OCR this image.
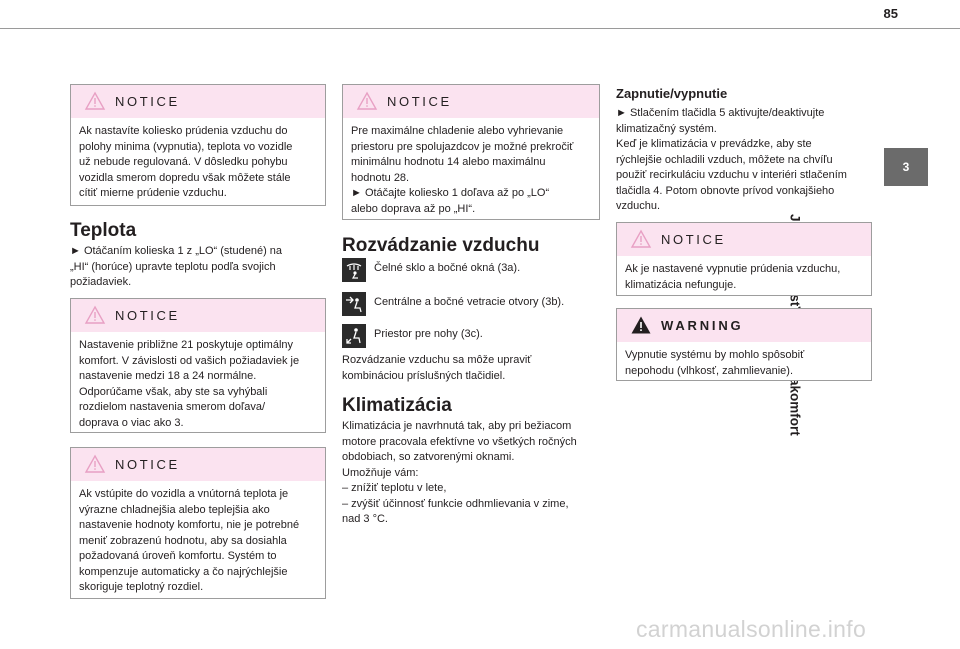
85
3
NOTICE
Ak nastavíte koliesko prúdenia vzduchu do
polohy minima (vypnutia), teplota vo vozidle
už nebude regulovaná. V dôsledku pohybu
vozidla smerom dopredu však môžete stále
cítiť mierne prúdenie vzduchu.
Teplota
► Otáčaním kolieska 1 z „LO“ (studené) na
„HI“ (horúce) upravte teplotu podľa svojich
požiadaviek.
NOTICE
Nastavenie približne 21 poskytuje optimálny
komfort. V závislosti od vašich požiadaviek je
nastavenie medzi 18 a 24 normálne.
Odporúčame však, aby ste sa vyhýbali
rozdielom nastavenia smerom doľava/
doprava o viac ako 3.
NOTICE
Ak vstúpite do vozidla a vnútorná teplota je
výrazne chladnejšia alebo teplejšia ako
nastavenie hodnoty komfortu, nie je potrebné
meniť zobrazenú hodnotu, aby sa dosiahla
požadovaná úroveň komfortu. Systém to
kompenzuje automaticky a čo najrýchlejšie
skoriguje teplotný rozdiel.
NOTICE
Pre maximálne chladenie alebo vyhrievanie
priestoru pre spolujazdcov je možné prekročiť
minimálnu hodnotu 14 alebo maximálnu
hodnotu 28.
► Otáčajte koliesko 1 doľava až po „LO“
alebo doprava až po „HI“.
Rozvádzanie vzduchu
Čelné sklo a bočné okná (3a).
Centrálne a bočné vetracie otvory (3b).
Priestor pre nohy (3c).
Rozvádzanie vzduchu sa môže upraviť
kombináciou príslušných tlačidiel.
Klimatizácia
Klimatizácia je navrhnutá tak, aby pri bežiacom
motore pracovala efektívne vo všetkých ročných
obdobiach, so zatvorenými oknami.
Umožňuje vám:
– znížiť teplotu v lete,
– zvýšiť účinnosť funkcie odhmlievania v zime,
nad 3 °C.
Zapnutie/vypnutie
► Stlačením tlačidla 5 aktivujte/deaktivujte
klimatizačný systém.
Keď je klimatizácia v prevádzke, aby ste
rýchlejšie ochladili vzduch, môžete na chvíľu
použiť recirkuláciu vzduchu v interiéri stlačením
tlačidla 4. Potom obnovte prívod vonkajšieho
vzduchu.
NOTICE
Ak je nastavené vypnutie prúdenia vzduchu,
klimatizácia nefunguje.
WARNING
Vypnutie systému by mohlo spôsobiť
nepohodu (vlhkosť, zahmlievanie).
carmanualsonline.info
